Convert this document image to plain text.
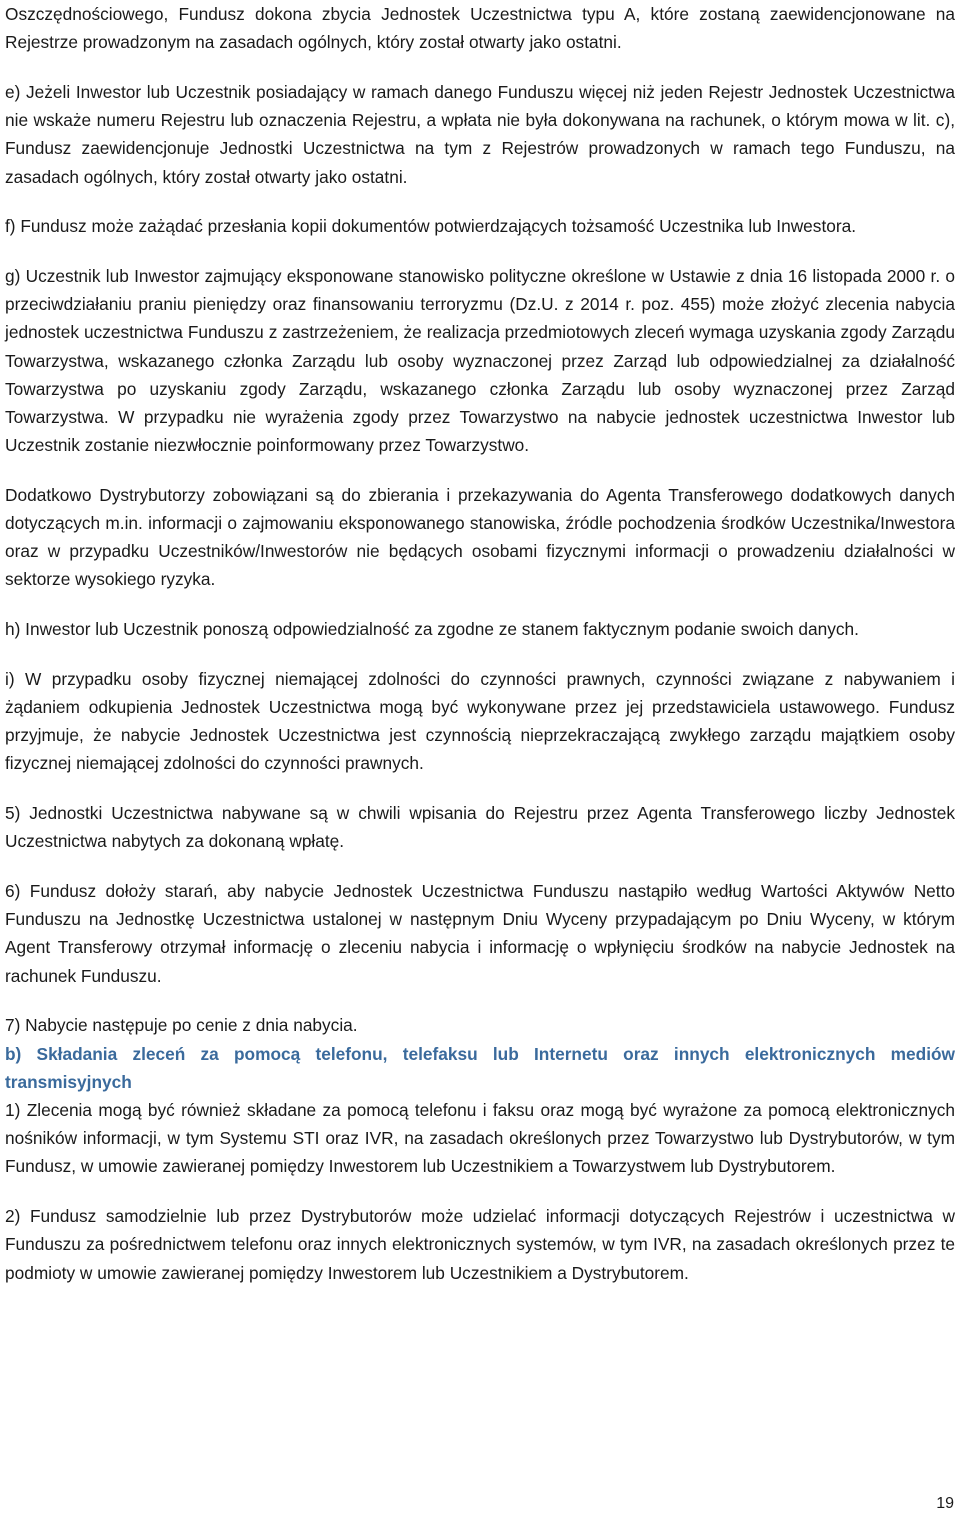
Oszczędnościowego, Fundusz dokona zbycia Jednostek Uczestnictwa typu A, które zostaną zaewidencjonowane na Rejestrze prowadzonym na zasadach ogólnych, który został otwarty jako ostatni.

e) Jeżeli Inwestor lub Uczestnik posiadający w ramach danego Funduszu więcej niż jeden Rejestr Jednostek Uczestnictwa nie wskaże numeru Rejestru lub oznaczenia Rejestru, a wpłata nie była dokonywana na rachunek, o którym mowa w lit. c), Fundusz zaewidencjonuje Jednostki Uczestnictwa na tym z Rejestrów prowadzonych w ramach tego Funduszu, na zasadach ogólnych, który został otwarty jako ostatni.

f) Fundusz może zażądać przesłania kopii dokumentów potwierdzających tożsamość Uczestnika lub Inwestora.

g) Uczestnik lub Inwestor zajmujący eksponowane stanowisko polityczne określone w Ustawie z dnia 16 listopada 2000 r. o przeciwdziałaniu praniu pieniędzy oraz finansowaniu terroryzmu (Dz.U. z 2014 r. poz. 455) może złożyć zlecenia nabycia jednostek uczestnictwa Funduszu z zastrzeżeniem, że realizacja przedmiotowych zleceń wymaga uzyskania zgody Zarządu Towarzystwa, wskazanego członka Zarządu lub osoby wyznaczonej przez Zarząd lub odpowiedzialnej za działalność Towarzystwa po uzyskaniu zgody Zarządu, wskazanego członka Zarządu lub osoby wyznaczonej przez Zarząd Towarzystwa. W przypadku nie wyrażenia zgody przez Towarzystwo na nabycie jednostek uczestnictwa Inwestor lub Uczestnik zostanie niezwłocznie poinformowany przez Towarzystwo.

Dodatkowo Dystrybutorzy zobowiązani są do zbierania i przekazywania do Agenta Transferowego dodatkowych danych dotyczących m.in. informacji o zajmowaniu eksponowanego stanowiska, źródle pochodzenia środków Uczestnika/Inwestora oraz w przypadku Uczestników/Inwestorów nie będących osobami fizycznymi informacji o prowadzeniu działalności w sektorze wysokiego ryzyka.

h) Inwestor lub Uczestnik ponoszą odpowiedzialność za zgodne ze stanem faktycznym podanie swoich danych.

i) W przypadku osoby fizycznej niemającej zdolności do czynności prawnych, czynności związane z nabywaniem i żądaniem odkupienia Jednostek Uczestnictwa mogą być wykonywane przez jej przedstawiciela ustawowego. Fundusz przyjmuje, że nabycie Jednostek Uczestnictwa jest czynnością nieprzekraczającą zwykłego zarządu majątkiem osoby fizycznej niemającej zdolności do czynności prawnych.

5) Jednostki Uczestnictwa nabywane są w chwili wpisania do Rejestru przez Agenta Transferowego liczby Jednostek Uczestnictwa nabytych za dokonaną wpłatę.

6) Fundusz dołoży starań, aby nabycie Jednostek Uczestnictwa Funduszu nastąpiło według Wartości Aktywów Netto Funduszu na Jednostkę Uczestnictwa ustalonej w następnym Dniu Wyceny przypadającym po Dniu Wyceny, w którym Agent Transferowy otrzymał informację o zleceniu nabycia i informację o wpłynięciu środków na nabycie Jednostek na rachunek Funduszu.

7) Nabycie następuje po cenie z dnia nabycia.

b) Składania zleceń za pomocą telefonu, telefaksu lub Internetu oraz innych elektronicznych mediów transmisyjnych

1) Zlecenia mogą być również składane za pomocą telefonu i faksu oraz mogą być wyrażone za pomocą elektronicznych nośników informacji, w tym Systemu STI oraz IVR, na zasadach określonych przez Towarzystwo lub Dystrybutorów, w tym Fundusz, w umowie zawieranej pomiędzy Inwestorem lub Uczestnikiem a Towarzystwem lub Dystrybutorem.

2) Fundusz samodzielnie lub przez Dystrybutorów może udzielać informacji dotyczących Rejestrów i uczestnictwa w Funduszu za pośrednictwem telefonu oraz innych elektronicznych systemów, w tym IVR, na zasadach określonych przez te podmioty w umowie zawieranej pomiędzy Inwestorem lub Uczestnikiem a Dystrybutorem.

19
